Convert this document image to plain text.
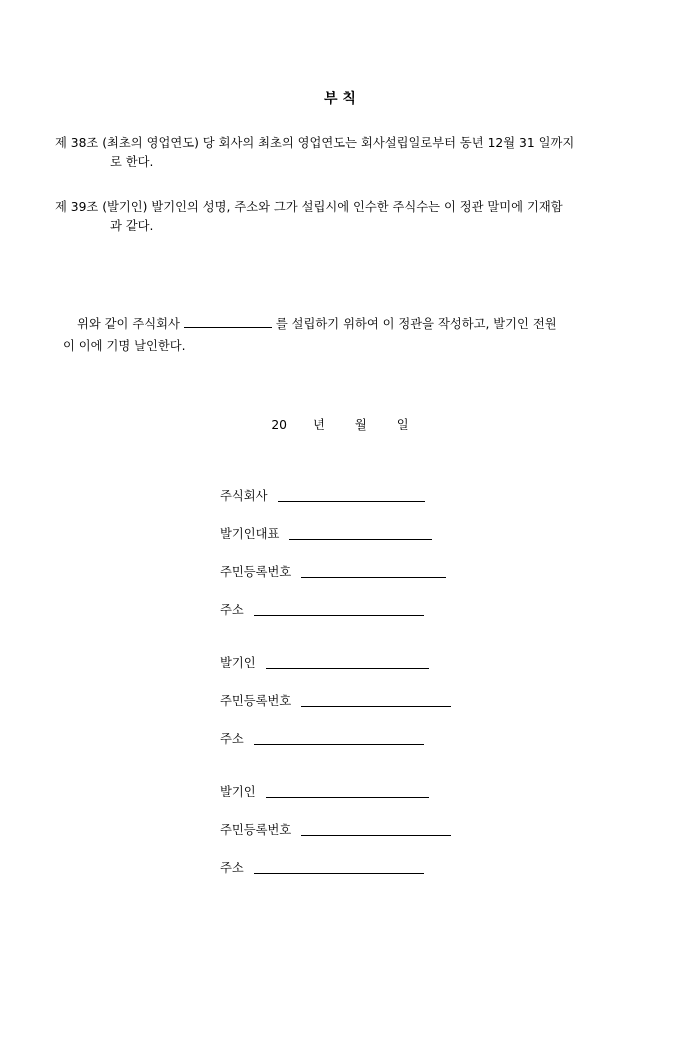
부 칙
제 38조 (최초의 영업연도) 당 회사의 최초의 영업연도는 회사설립일로부터 동년 12월 31 일까지
로 한다.
제 39조 (발기인) 발기인의 성명, 주소와 그가 설립시에 인수한 주식수는 이 정관 말미에 기재함
과 같다.
위와 같이 주식회사	를 설립하기 위하여 이 정관을 작성하고, 발기인 전원
이 이에 기명 날인한다.
20 년 월 일
주식회사
발기인대표
주민등록번호
주소
발기인
주민등록번호
주소
발기인
주민등록번호
주소
